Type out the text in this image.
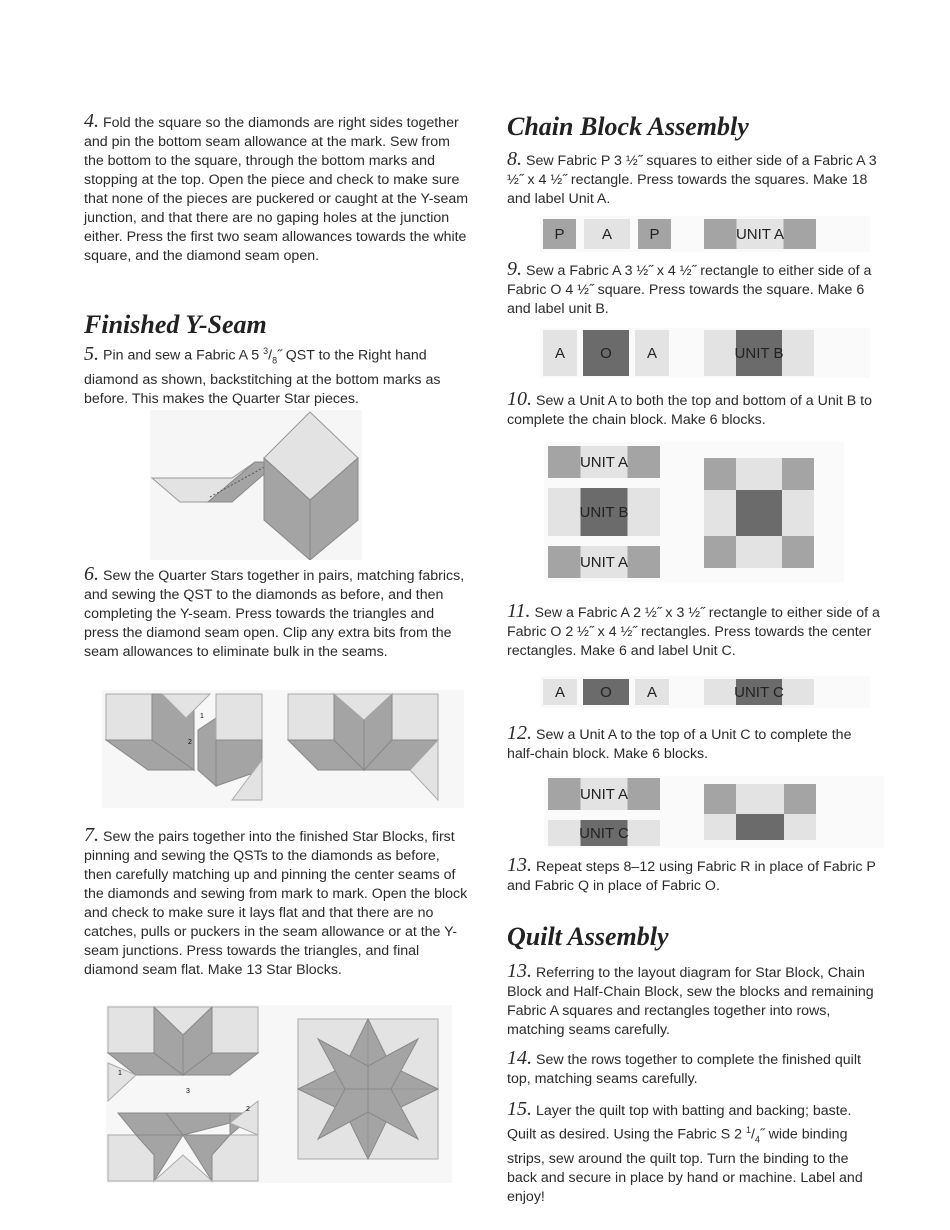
4. Fold the square so the diamonds are right sides together and pin the bottom seam allowance at the mark. Sew from the bottom to the square, through the bottom marks and stopping at the top. Open the piece and check to make sure that none of the pieces are puckered or caught at the Y-seam junction, and that there are no gaping holes at the junction either. Press the first two seam allowances towards the white square, and the diamond seam open.

Finished Y-Seam

5. Pin and sew a Fabric A 5 $^3/_8˝$ QST to the Right hand diamond as shown, backstitching at the bottom marks as before. This makes the Quarter Star pieces.

6. Sew the Quarter Stars together in pairs, matching fabrics, and sewing the QST to the diamonds as before, and then completing the Y-seam. Press towards the triangles and press the diamond seam open. Clip any extra bits from the seam allowances to eliminate bulk in the seams.

1
2

7. Sew the pairs together into the finished Star Blocks, first pinning and sewing the QSTs to the diamonds as before, then carefully matching up and pinning the center seams of the diamonds and sewing from mark to mark. Open the block and check to make sure it lays flat and that there are no catches, pulls or puckers in the seam allowance or at the Y-seam junctions. Press towards the triangles, and final diamond seam flat. Make 13 Star Blocks.

1
3
2
Chain Block Assembly

8. Sew Fabric P 3 ½˝ squares to either side of a Fabric A 3 ½˝ x 4 ½˝ rectangle. Press towards the squares. Make 18 and label Unit A.

P	A	P	UNIT A

9. Sew a Fabric A 3 ½˝ x 4 ½˝ rectangle to either side of a Fabric O 4 ½˝ square. Press towards the square. Make 6 and label unit B.

A	O	A	UNIT B

10. Sew a Unit A to both the top and bottom of a Unit B to complete the chain block. Make 6 blocks.

UNIT A
UNIT B
UNIT A

11. Sew a Fabric A 2 ½˝ x 3 ½˝ rectangle to either side of a Fabric O 2 ½˝ x 4 ½˝ rectangles. Press towards the center rectangles. Make 6 and label Unit C.

A	O	A	UNIT C

12. Sew a Unit A to the top of a Unit C to complete the half-chain block. Make 6 blocks.

UNIT A
UNIT C

13. Repeat steps 8–12 using Fabric R in place of Fabric P and Fabric Q in place of Fabric O.

Quilt Assembly

13. Referring to the layout diagram for Star Block, Chain Block and Half-Chain Block, sew the blocks and remaining Fabric A squares and rectangles together into rows, matching seams carefully.

14. Sew the rows together to complete the finished quilt top, matching seams carefully.

15. Layer the quilt top with batting and backing; baste. Quilt as desired. Using the Fabric S 2 $^1/_4˝$ wide binding strips, sew around the quilt top. Turn the binding to the back and secure in place by hand or machine. Label and enjoy!
